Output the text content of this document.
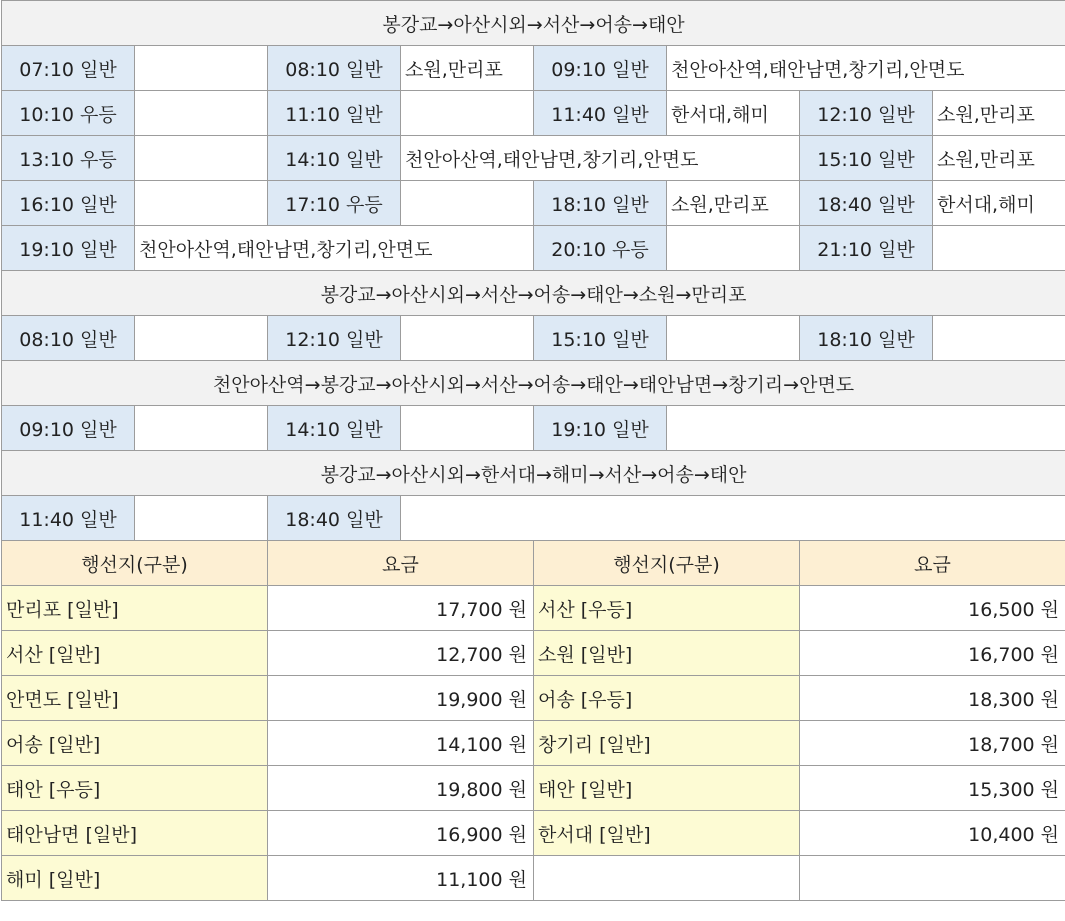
봉강교→아산시외→서산→어송→태안							
07:10 일반		08:10 일반	소원,만리포	09:10 일반	천안아산역,태안남면,창기리,안면도		
10:10 우등		11:10 일반		11:40 일반	한서대,해미	12:10 일반	소원,만리포
13:10 우등		14:10 일반	천안아산역,태안남면,창기리,안면도			15:10 일반	소원,만리포
16:10 일반		17:10 우등		18:10 일반	소원,만리포	18:40 일반	한서대,해미
19:10 일반	천안아산역,태안남면,창기리,안면도			20:10 우등		21:10 일반	
봉강교→아산시외→서산→어송→태안→소원→만리포							
08:10 일반		12:10 일반		15:10 일반		18:10 일반	
천안아산역→봉강교→아산시외→서산→어송→태안→태안남면→창기리→안면도							
09:10 일반		14:10 일반		19:10 일반			
봉강교→아산시외→한서대→해미→서산→어송→태안							
11:40 일반		18:40 일반					
행선지(구분)		요금		행선지(구분)		요금	
만리포 [일반]		17,700 원		서산 [우등]		16,500 원	
서산 [일반]		12,700 원		소원 [일반]		16,700 원	
안면도 [일반]		19,900 원		어송 [우등]		18,300 원	
어송 [일반]		14,100 원		창기리 [일반]		18,700 원	
태안 [우등]		19,800 원		태안 [일반]		15,300 원	
태안남면 [일반]		16,900 원		한서대 [일반]		10,400 원	
해미 [일반]		11,100 원					
